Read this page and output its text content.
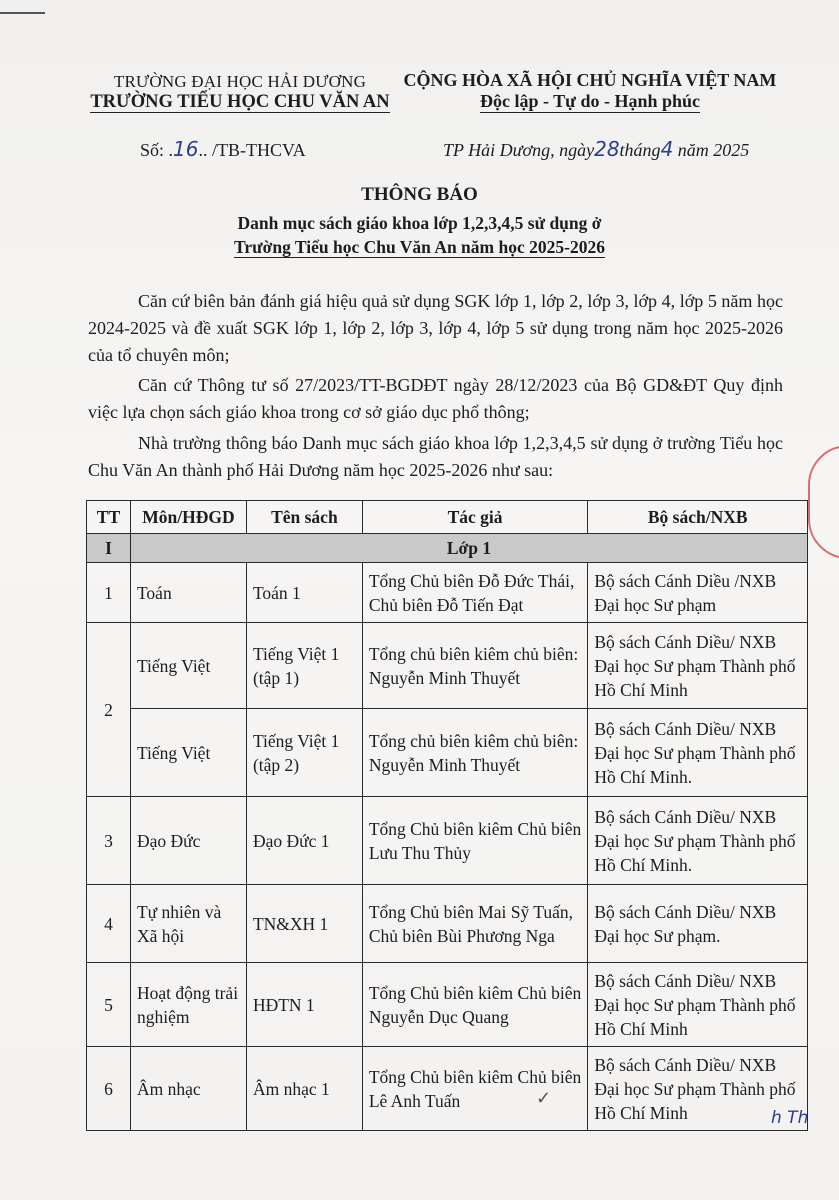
TRƯỜNG ĐẠI HỌC HẢI DƯƠNG
TRƯỜNG TIỂU HỌC CHU VĂN AN
CỘNG HÒA XÃ HỘI CHỦ NGHĨA VIỆT NAM
Độc lập - Tự do - Hạnh phúc
Số: .16.. /TB-THCVA	TP Hải Dương, ngày28tháng4 năm 2025
THÔNG BÁO
Danh mục sách giáo khoa lớp 1,2,3,4,5 sử dụng ở
Trường Tiểu học Chu Văn An năm học 2025-2026
Căn cứ biên bản đánh giá hiệu quả sử dụng SGK lớp 1, lớp 2, lớp 3, lớp 4, lớp 5 năm học 2024-2025 và đề xuất SGK lớp 1, lớp 2, lớp 3, lớp 4, lớp 5 sử dụng trong năm học 2025-2026 của tổ chuyên môn;
Căn cứ Thông tư số 27/2023/TT-BGDĐT ngày 28/12/2023 của Bộ GD&ĐT Quy định việc lựa chọn sách giáo khoa trong cơ sở giáo dục phổ thông;
Nhà trường thông báo Danh mục sách giáo khoa lớp 1,2,3,4,5 sử dụng ở trường Tiểu học Chu Văn An thành phố Hải Dương năm học 2025-2026 như sau:
TT	Môn/HĐGD	Tên sách	Tác giả	Bộ sách/NXB
I	Lớp 1			
1	Toán	Toán 1	Tổng Chủ biên Đỗ Đức Thái, Chủ biên Đỗ Tiến Đạt	Bộ sách Cánh Diều /NXB Đại học Sư phạm
2	Tiếng Việt	Tiếng Việt 1 (tập 1)	Tổng chủ biên kiêm chủ biên: Nguyễn Minh Thuyết	Bộ sách Cánh Diều/ NXB Đại học Sư phạm Thành phố Hồ Chí Minh
	Tiếng Việt	Tiếng Việt 1 (tập 2)	Tổng chủ biên kiêm chủ biên: Nguyễn Minh Thuyết	Bộ sách Cánh Diều/ NXB Đại học Sư phạm Thành phố Hồ Chí Minh.
3	Đạo Đức	Đạo Đức 1	Tổng Chủ biên kiêm Chủ biên Lưu Thu Thủy	Bộ sách Cánh Diều/ NXB Đại học Sư phạm Thành phố Hồ Chí Minh.
4	Tự nhiên và Xã hội	TN&XH 1	Tổng Chủ biên Mai Sỹ Tuấn, Chủ biên Bùi Phương Nga	Bộ sách Cánh Diều/ NXB Đại học Sư phạm.
5	Hoạt động trải nghiệm	HĐTN 1	Tổng Chủ biên kiêm Chủ biên Nguyễn Dục Quang	Bộ sách Cánh Diều/ NXB Đại học Sư phạm Thành phố Hồ Chí Minh
6	Âm nhạc	Âm nhạc 1	Tổng Chủ biên kiêm Chủ biên Lê Anh Tuấn	Bộ sách Cánh Diều/ NXB Đại học Sư phạm Thành phố Hồ Chí Minh
✓
h Th
